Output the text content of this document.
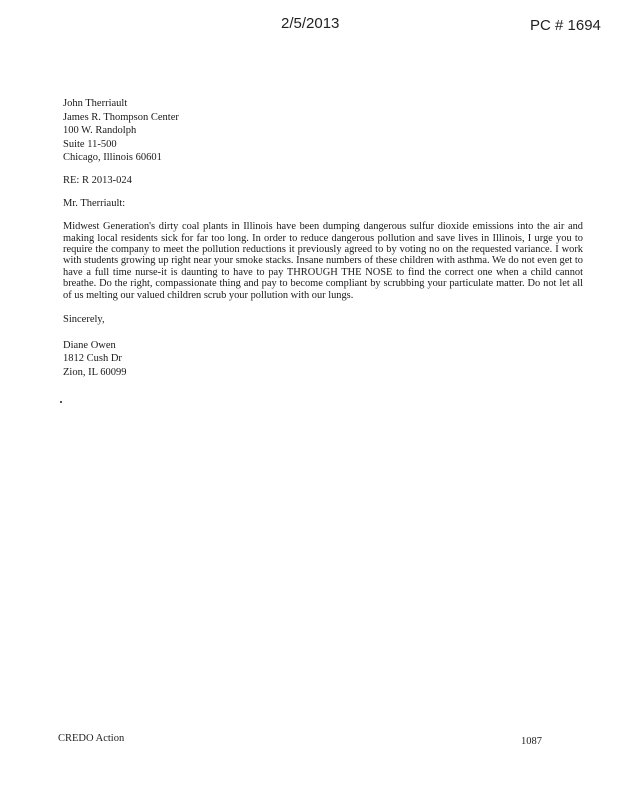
2/5/2013	PC # 1694
John Therriault
James R. Thompson Center
100 W. Randolph
Suite 11-500
Chicago, Illinois 60601
RE: R 2013-024
Mr. Therriault:
Midwest Generation's dirty coal plants in Illinois have been dumping dangerous sulfur dioxide emissions into the air and making local residents sick for far too long. In order to reduce dangerous pollution and save lives in Illinois, I urge you to require the company to meet the pollution reductions it previously agreed to by voting no on the requested variance. I work with students growing up right near your smoke stacks. Insane numbers of these children with asthma. We do not even get to have a full time nurse-it is daunting to have to pay THROUGH THE NOSE to find the correct one when a child cannot breathe. Do the right, compassionate thing and pay to become compliant by scrubbing your particulate matter. Do not let all of us melting our valued children scrub your pollution with our lungs.
Sincerely,
Diane Owen
1812 Cush Dr
Zion, IL 60099
CREDO Action	1087
